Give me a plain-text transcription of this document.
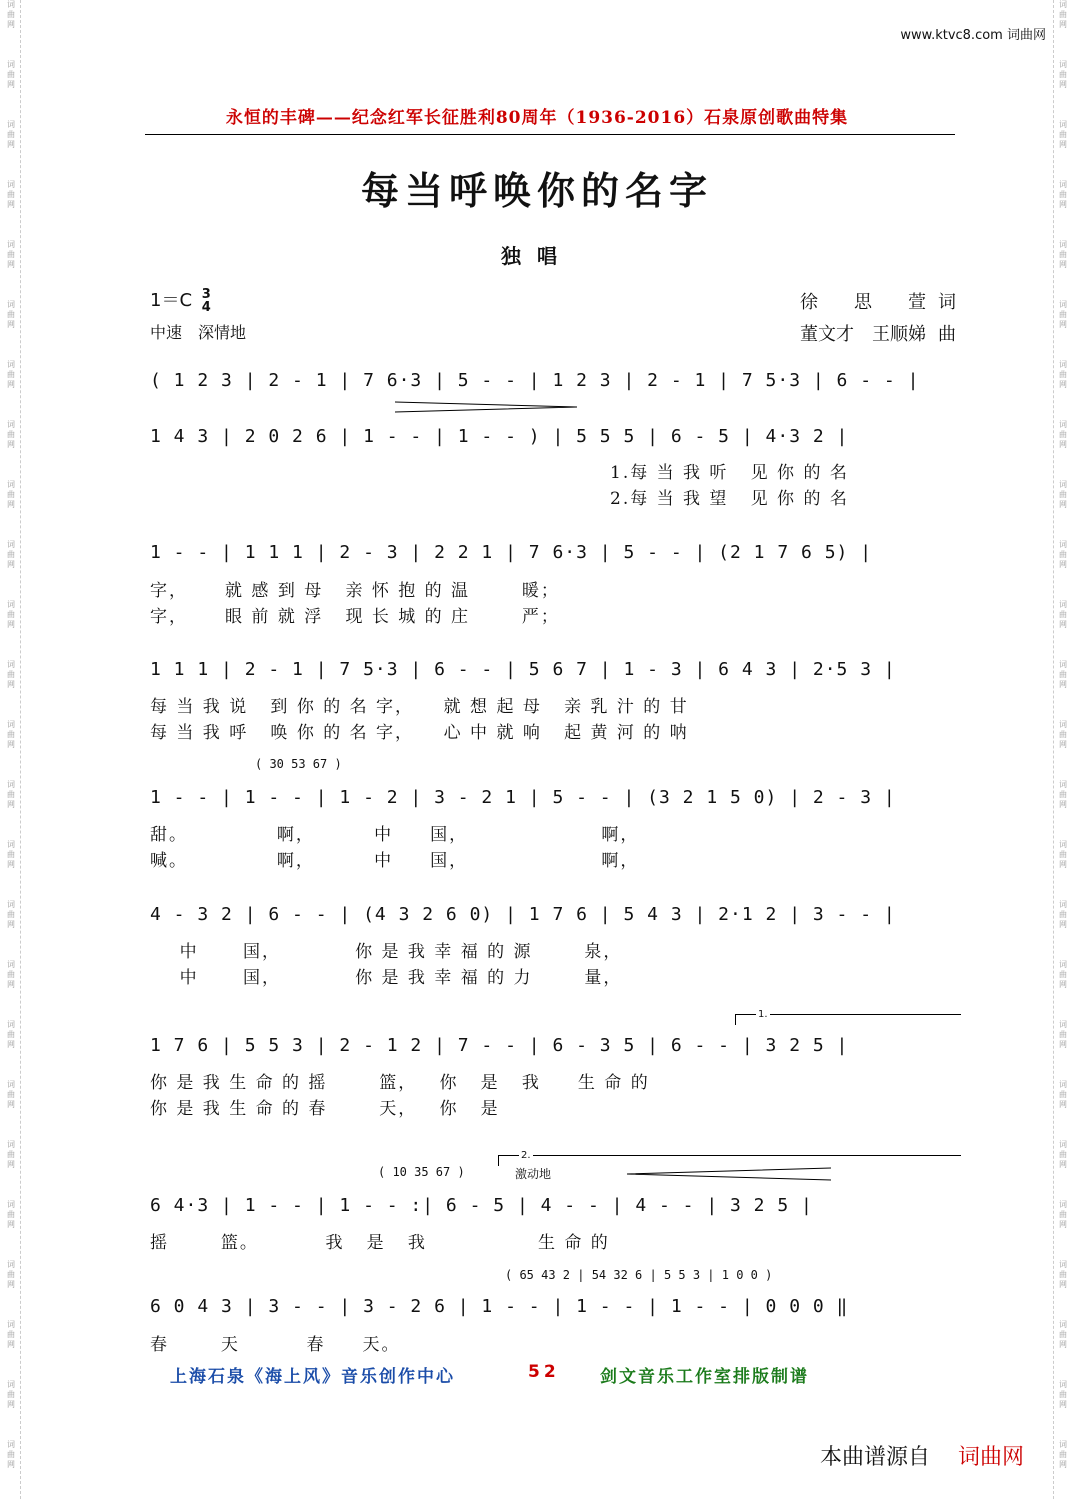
词
曲
网
词
曲
网
词
曲
网
词
曲
网
词
曲
网
词
曲
网
词
曲
网
词
曲
网
词
曲
网
词
曲
网
词
曲
网
词
曲
网
词
曲
网
词
曲
网
词
曲
网
词
曲
网
词
曲
网
词
曲
网
词
曲
网
词
曲
网
词
曲
网
词
曲
网
词
曲
网
词
曲
网
词
曲
网
词
曲
网
词
曲
网
词
曲
网
词
曲
网
词
曲
网
词
曲
网
词
曲
网
词
曲
网
词
曲
网
词
曲
网
词
曲
网
词
曲
网
词
曲
网
词
曲
网
词
曲
网
词
曲
网
词
曲
网
词
曲
网
词
曲
网
词
曲
网
词
曲
网
词
曲
网
词
曲
网
词
曲
网
词
曲
网
www.ktvc8.com 词曲网
永恒的丰碑——纪念红军长征胜利80周年（1936-2016）石泉原创歌曲特集
每当呼唤你的名字
独唱
1＝C 3
4
中速　深情地
徐　　思　　萱 词
董文才　王顺娣 曲
( 1 2 3 | 2 - 1 | 7 6·3 | 5 - - | 1 2 3 | 2 - 1 | 7 5·3 | 6 - - |
1 4 3 | 2 0 2 6 | 1 - - | 1 - - ) | 5 5 5 | 6 - 5 | 4·3 2 |
1.每 当 我 听   见 你 的 名
2.每 当 我 望   见 你 的 名
1 - - | 1 1 1 | 2 - 3 | 2 2 1 | 7 6·3 | 5 - - | (2 1 7 6 5) |
字，     就 感 到 母   亲 怀 抱 的 温       暖；
字，     眼 前 就 浮   现 长 城 的 庄       严；
1 1 1 | 2 - 1 | 7 5·3 | 6 - - | 5 6 7 | 1 - 3 | 6 4 3 | 2·5 3 |
每 当 我 说   到 你 的 名 字，    就 想 起 母   亲 乳 汁 的 甘
每 当 我 呼   唤 你 的 名 字，    心 中 就 响   起 黄 河 的 呐
( 30 53 67 )
1 - - | 1 - - | 1 - 2 | 3 - 2 1 | 5 - - | (3 2 1 5 0) | 2 - 3 |
甜。            啊，        中     国，                  啊，
喊。            啊，        中     国，                  啊，
4 - 3 2 | 6 - - | (4 3 2 6 0) | 1 7 6 | 5 4 3 | 2·1 2 | 3 - - |
中      国，          你 是 我 幸 福 的 源       泉，
中      国，          你 是 我 幸 福 的 力       量，
1.
1 7 6 | 5 5 3 | 2 - 1 2 | 7 - - | 6 - 3 5 | 6 - - | 3 2 5 |
你 是 我 生 命 的 摇       篮，   你   是   我     生 命 的
你 是 我 生 命 的 春       天，   你   是
( 10 35 67 )
2.
激动地
6 4·3 | 1 - - | 1 - - :| 6 - 5 | 4 - - | 4 - - | 3 2 5 |
摇       篮。         我   是   我               生 命 的
( 65 43 2 | 54 32 6 | 5 5 3 | 1 0 0 )
6 0 4 3 | 3 - - | 3 - 2 6 | 1 - - | 1 - - | 1 - - | 0 0 0 ‖
春       天         春     天。
上海石泉《海上风》音乐创作中心	52 剑文音乐工作室排版制谱
本曲谱源自 词曲网
